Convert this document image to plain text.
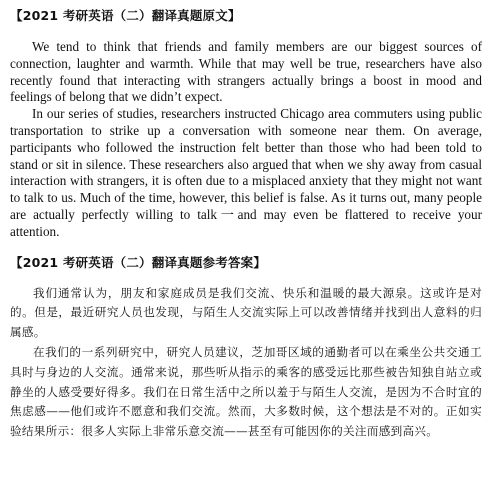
【2021 考研英语（二）翻译真题原文】

We tend to think that friends and family members are our biggest sources of connection, laughter and warmth. While that may well be true, researchers have also recently found that interacting with strangers actually brings a boost in mood and feelings of belong that we didn’t expect.

In our series of studies, researchers instructed Chicago area commuters using public transportation to strike up a conversation with someone near them. On average, participants who followed the instruction felt better than those who had been told to stand or sit in silence. These researchers also argued that when we shy away from casual interaction with strangers, it is often due to a misplaced anxiety that they might not want to talk to us. Much of the time, however, this belief is false. As it turns out, many people are actually perfectly willing to talk一and may even be flattered to receive your attention.

【2021 考研英语（二）翻译真题参考答案】

我们通常认为，朋友和家庭成员是我们交流、快乐和温暖的最大源泉。这或许是对的。但是，最近研究人员也发现，与陌生人交流实际上可以改善情绪并找到出人意料的归属感。

在我们的一系列研究中，研究人员建议，芝加哥区域的通勤者可以在乘坐公共交通工具时与身边的人交流。通常来说，那些听从指示的乘客的感受远比那些被告知独自站立或静坐的人感受要好得多。我们在日常生活中之所以羞于与陌生人交流，是因为不合时宜的焦虑感——他们或许不愿意和我们交流。然而，大多数时候，这个想法是不对的。正如实验结果所示：很多人实际上非常乐意交流——甚至有可能因你的关注而感到高兴。
